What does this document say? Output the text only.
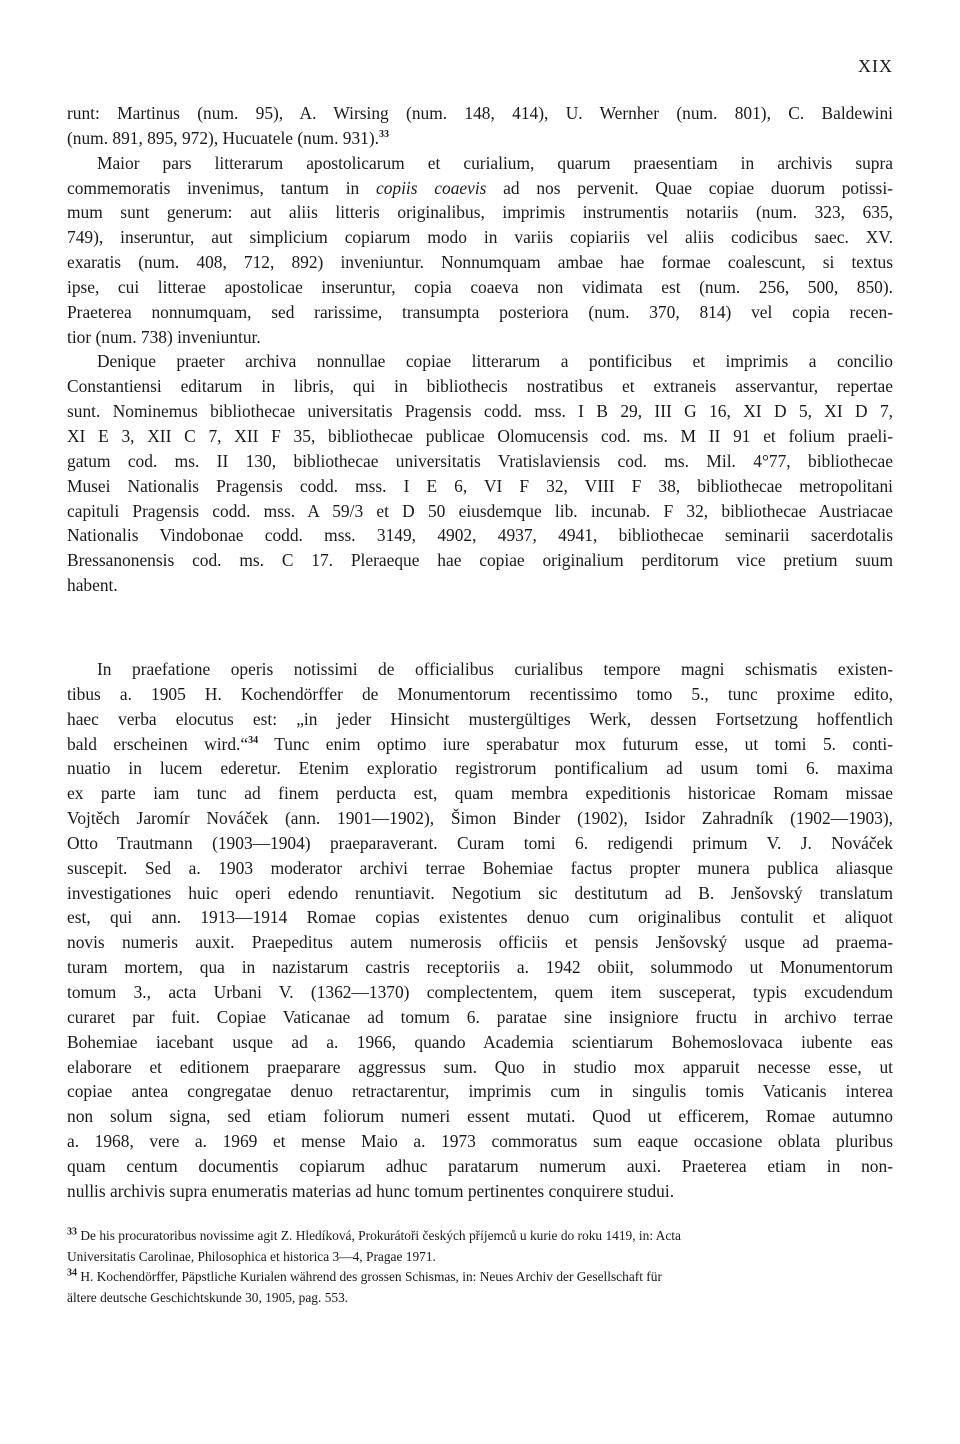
XIX
runt: Martinus (num. 95), A. Wirsing (num. 148, 414), U. Wernher (num. 801), C. Baldewini
(num. 891, 895, 972), Hucuatele (num. 931).$^{33}$
Maior pars litterarum apostolicarum et curialium, quarum praesentiam in archivis supra
commemoratis invenimus, tantum in copiis coaevis ad nos pervenit. Quae copiae duorum potissi-
mum sunt generum: aut aliis litteris originalibus, imprimis instrumentis notariis (num. 323, 635,
749), inseruntur, aut simplicium copiarum modo in variis copiariis vel aliis codicibus saec. XV.
exaratis (num. 408, 712, 892) inveniuntur. Nonnumquam ambae hae formae coalescunt, si textus
ipse, cui litterae apostolicae inseruntur, copia coaeva non vidimata est (num. 256, 500, 850).
Praeterea nonnumquam, sed rarissime, transumpta posteriora (num. 370, 814) vel copia recen-
tior (num. 738) inveniuntur.
Denique praeter archiva nonnullae copiae litterarum a pontificibus et imprimis a concilio
Constantiensi editarum in libris, qui in bibliothecis nostratibus et extraneis asservantur, repertae
sunt. Nominemus bibliothecae universitatis Pragensis codd. mss. I B 29, III G 16, XI D 5, XI D 7,
XI E 3, XII C 7, XII F 35, bibliothecae publicae Olomucensis cod. ms. M II 91 et folium praeli-
gatum cod. ms. II 130, bibliothecae universitatis Vratislaviensis cod. ms. Mil. 4°77, bibliothecae
Musei Nationalis Pragensis codd. mss. I E 6, VI F 32, VIII F 38, bibliothecae metropolitani
capituli Pragensis codd. mss. A 59/3 et D 50 eiusdemque lib. incunab. F 32, bibliothecae Austriacae
Nationalis Vindobonae codd. mss. 3149, 4902, 4937, 4941, bibliothecae seminarii sacerdotalis
Bressanonensis cod. ms. C 17. Pleraeque hae copiae originalium perditorum vice pretium suum
habent.
In praefatione operis notissimi de officialibus curialibus tempore magni schismatis existen-
tibus a. 1905 H. Kochendörffer de Monumentorum recentissimo tomo 5., tunc proxime edito,
haec verba elocutus est: „in jeder Hinsicht mustergültiges Werk, dessen Fortsetzung hoffentlich
bald erscheinen wird.“$^{34}$ Tunc enim optimo iure sperabatur mox futurum esse, ut tomi 5. conti-
nuatio in lucem ederetur. Etenim exploratio registrorum pontificalium ad usum tomi 6. maxima
ex parte iam tunc ad finem perducta est, quam membra expeditionis historicae Romam missae
Vojtěch Jaromír Nováček (ann. 1901—1902), Šimon Binder (1902), Isidor Zahradník (1902—1903),
Otto Trautmann (1903—1904) praeparaverant. Curam tomi 6. redigendi primum V. J. Nováček
suscepit. Sed a. 1903 moderator archivi terrae Bohemiae factus propter munera publica aliasque
investigationes huic operi edendo renuntiavit. Negotium sic destitutum ad B. Jenšovský translatum
est, qui ann. 1913—1914 Romae copias existentes denuo cum originalibus contulit et aliquot
novis numeris auxit. Praepeditus autem numerosis officiis et pensis Jenšovský usque ad praema-
turam mortem, qua in nazistarum castris receptoriis a. 1942 obiit, solummodo ut Monumentorum
tomum 3., acta Urbani V. (1362—1370) complectentem, quem item susceperat, typis excudendum
curaret par fuit. Copiae Vaticanae ad tomum 6. paratae sine insigniore fructu in archivo terrae
Bohemiae iacebant usque ad a. 1966, quando Academia scientiarum Bohemoslovaca iubente eas
elaborare et editionem praeparare aggressus sum. Quo in studio mox apparuit necesse esse, ut
copiae antea congregatae denuo retractarentur, imprimis cum in singulis tomis Vaticanis interea
non solum signa, sed etiam foliorum numeri essent mutati. Quod ut efficerem, Romae autumno
a. 1968, vere a. 1969 et mense Maio a. 1973 commoratus sum eaque occasione oblata pluribus
quam centum documentis copiarum adhuc paratarum numerum auxi. Praeterea etiam in non-
nullis archivis supra enumeratis materias ad hunc tomum pertinentes conquirere studui.
$^{33}$ De his procuratoribus novissime agit Z. Hledíková, Prokurátoři českých příjemců u kurie do roku 1419, in: Acta
Universitatis Carolinae, Philosophica et historica 3—4, Pragae 1971.
$^{34}$ H. Kochendörffer, Päpstliche Kurialen während des grossen Schismas, in: Neues Archiv der Gesellschaft für
ältere deutsche Geschichtskunde 30, 1905, pag. 553.
